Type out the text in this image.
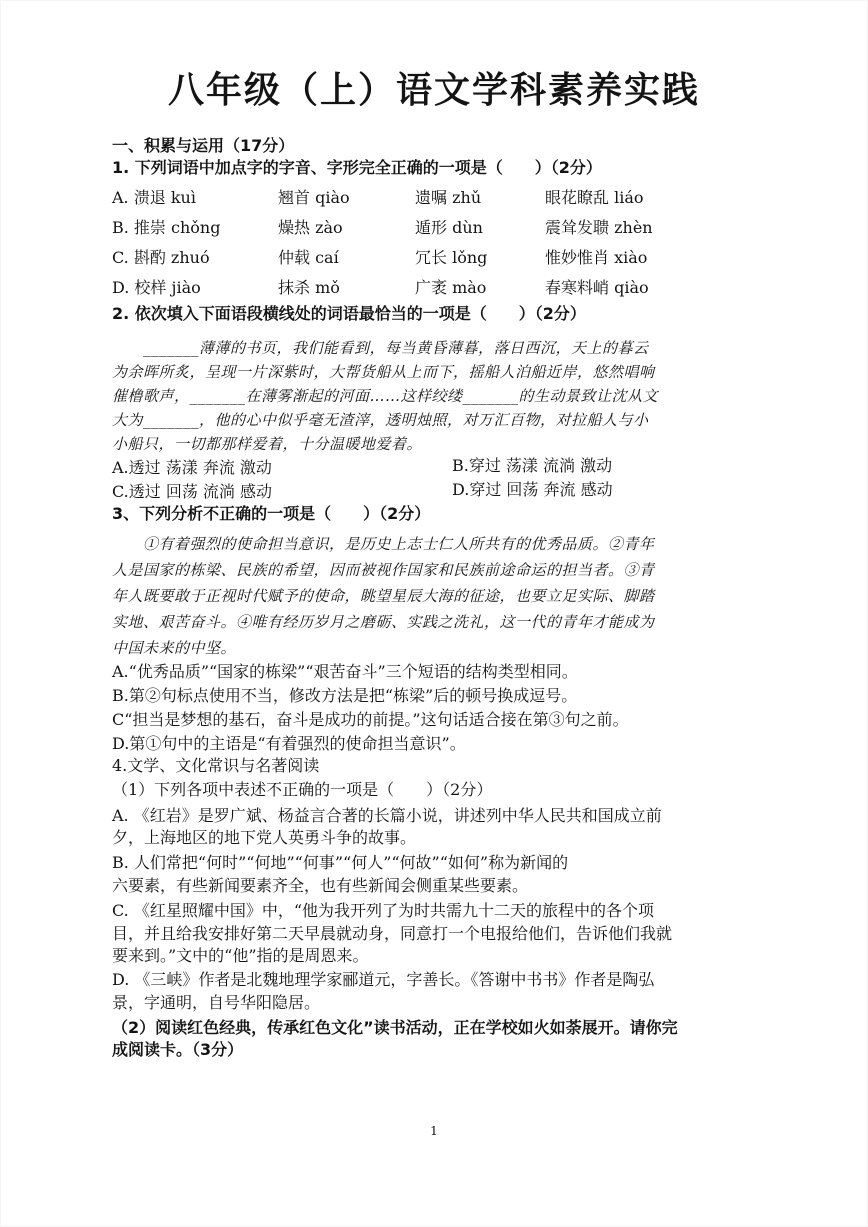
八年级（上）语文学科素养实践
一、积累与运用（17分）
1. 下列词语中加点字的字音、字形完全正确的一项是（　　）（2分）
A. 溃退 kuì	翘首 qiào	遗嘱 zhǔ	眼花瞭乱 liáo
B. 推崇 chǒng	燥热 zào	遁形 dùn	震耸发聩 zhèn
C. 斟酌 zhuó	仲载 caí	冗长 lǒng	惟妙惟肖 xiào
D. 校样 jiào	抹杀 mǒ	广袤 mào	春寒料峭 qiào
2. 依次填入下面语段横线处的词语最恰当的一项是（　　）（2分）
　　_______薄薄的书页，我们能看到，每当黄昏薄暮，落日西沉，天上的暮云
为余晖所炙，呈现一片深紫时，大帮货船从上而下，摇船人泊船近岸，悠然唱响
催橹歌声，_______在薄雾渐起的河面……这样绞缕_______的生动景致让沈从文
大为_______，他的心中似乎毫无渣滓，透明烛照，对万汇百物，对拉船人与小
小船只，一切都那样爱着，十分温暖地爱着。
A.透过 荡漾 奔流 激动	B.穿过 荡漾 流淌 激动
C.透过 回荡 流淌 感动	D.穿过 回荡 奔流 感动
3、下列分析不正确的一项是（　　）（2分）
　　①有着强烈的使命担当意识，是历史上志士仁人所共有的优秀品质。②青年
人是国家的栋梁、民族的希望，因而被视作国家和民族前途命运的担当者。③青
年人既要敢于正视时代赋予的使命，眺望星辰大海的征途，也要立足实际、脚踏
实地、艰苦奋斗。④唯有经历岁月之磨砺、实践之洗礼，这一代的青年才能成为
中国未来的中坚。
A.“优秀品质”“国家的栋梁”“艰苦奋斗”三个短语的结构类型相同。
B.第②句标点使用不当，修改方法是把“栋梁”后的顿号换成逗号。
C“担当是梦想的基石，奋斗是成功的前提。”这句话适合接在第③句之前。
D.第①句中的主语是“有着强烈的使命担当意识”。
4.文学、文化常识与名著阅读
（1）下列各项中表述不正确的一项是（　　）（2分）
A. 《红岩》是罗广斌、杨益言合著的长篇小说，讲述列中华人民共和国成立前
夕，上海地区的地下党人英勇斗争的故事。
B. 人们常把“何时”“何地”“何事”“何人”“何故”“如何”称为新闻的
六要素，有些新闻要素齐全，也有些新闻会侧重某些要素。
C. 《红星照耀中国》中，“他为我开列了为时共需九十二天的旅程中的各个项
目，并且给我安排好第二天早晨就动身，同意打一个电报给他们，告诉他们我就
要来到。”文中的“他”指的是周恩来。
D. 《三峡》作者是北魏地理学家郦道元，字善长。《答谢中书书》作者是陶弘
景，字通明，自号华阳隐居。
（2）阅读红色经典，传承红色文化”读书活动，正在学校如火如荼展开。请你完
成阅读卡。（3分）
1
